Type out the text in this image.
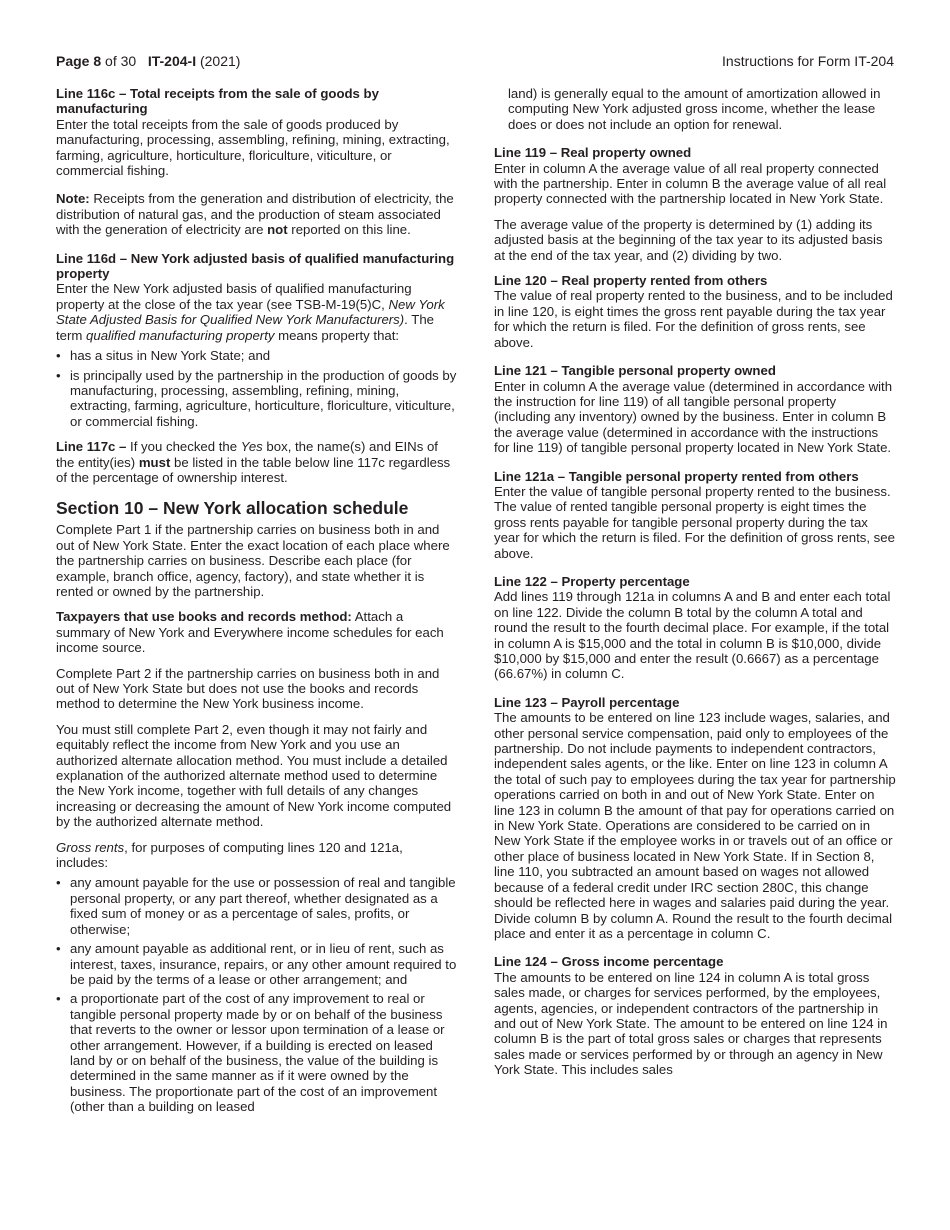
Page 8 of 30 IT-204-I (2021)	Instructions for Form IT-204
Line 116c – Total receipts from the sale of goods by manufacturing
Enter the total receipts from the sale of goods produced by manufacturing, processing, assembling, refining, mining, extracting, farming, agriculture, horticulture, floriculture, viticulture, or commercial fishing.
Note: Receipts from the generation and distribution of electricity, the distribution of natural gas, and the production of steam associated with the generation of electricity are not reported on this line.
Line 116d – New York adjusted basis of qualified manufacturing property
Enter the New York adjusted basis of qualified manufacturing property at the close of the tax year (see TSB-M-19(5)C, New York State Adjusted Basis for Qualified New York Manufacturers). The term qualified manufacturing property means property that:
• has a situs in New York State; and
• is principally used by the partnership in the production of goods by manufacturing, processing, assembling, refining, mining, extracting, farming, agriculture, horticulture, floriculture, viticulture, or commercial fishing.
Line 117c – If you checked the Yes box, the name(s) and EINs of the entity(ies) must be listed in the table below line 117c regardless of the percentage of ownership interest.
Section 10 – New York allocation schedule
Complete Part 1 if the partnership carries on business both in and out of New York State. Enter the exact location of each place where the partnership carries on business. Describe each place (for example, branch office, agency, factory), and state whether it is rented or owned by the partnership.
Taxpayers that use books and records method: Attach a summary of New York and Everywhere income schedules for each income source.
Complete Part 2 if the partnership carries on business both in and out of New York State but does not use the books and records method to determine the New York business income.
You must still complete Part 2, even though it may not fairly and equitably reflect the income from New York and you use an authorized alternate allocation method. You must include a detailed explanation of the authorized alternate method used to determine the New York income, together with full details of any changes increasing or decreasing the amount of New York income computed by the authorized alternate method.
Gross rents, for purposes of computing lines 120 and 121a, includes:
• any amount payable for the use or possession of real and tangible personal property, or any part thereof, whether designated as a fixed sum of money or as a percentage of sales, profits, or otherwise;
• any amount payable as additional rent, or in lieu of rent, such as interest, taxes, insurance, repairs, or any other amount required to be paid by the terms of a lease or other arrangement; and
• a proportionate part of the cost of any improvement to real or tangible personal property made by or on behalf of the business that reverts to the owner or lessor upon termination of a lease or other arrangement. However, if a building is erected on leased land by or on behalf of the business, the value of the building is determined in the same manner as if it were owned by the business. The proportionate part of the cost of an improvement (other than a building on leased
land) is generally equal to the amount of amortization allowed in computing New York adjusted gross income, whether the lease does or does not include an option for renewal.
Line 119 – Real property owned
Enter in column A the average value of all real property connected with the partnership. Enter in column B the average value of all real property connected with the partnership located in New York State.
The average value of the property is determined by (1) adding its adjusted basis at the beginning of the tax year to its adjusted basis at the end of the tax year, and (2) dividing by two.
Line 120 – Real property rented from others
The value of real property rented to the business, and to be included in line 120, is eight times the gross rent payable during the tax year for which the return is filed. For the definition of gross rents, see above.
Line 121 – Tangible personal property owned
Enter in column A the average value (determined in accordance with the instruction for line 119) of all tangible personal property (including any inventory) owned by the business. Enter in column B the average value (determined in accordance with the instructions for line 119) of tangible personal property located in New York State.
Line 121a – Tangible personal property rented from others
Enter the value of tangible personal property rented to the business. The value of rented tangible personal property is eight times the gross rents payable for tangible personal property during the tax year for which the return is filed. For the definition of gross rents, see above.
Line 122 – Property percentage
Add lines 119 through 121a in columns A and B and enter each total on line 122. Divide the column B total by the column A total and round the result to the fourth decimal place. For example, if the total in column A is $15,000 and the total in column B is $10,000, divide $10,000 by $15,000 and enter the result (0.6667) as a percentage (66.67%) in column C.
Line 123 – Payroll percentage
The amounts to be entered on line 123 include wages, salaries, and other personal service compensation, paid only to employees of the partnership. Do not include payments to independent contractors, independent sales agents, or the like. Enter on line 123 in column A the total of such pay to employees during the tax year for partnership operations carried on both in and out of New York State. Enter on line 123 in column B the amount of that pay for operations carried on in New York State. Operations are considered to be carried on in New York State if the employee works in or travels out of an office or other place of business located in New York State. If in Section 8, line 110, you subtracted an amount based on wages not allowed because of a federal credit under IRC section 280C, this change should be reflected here in wages and salaries paid during the year. Divide column B by column A. Round the result to the fourth decimal place and enter it as a percentage in column C.
Line 124 – Gross income percentage
The amounts to be entered on line 124 in column A is total gross sales made, or charges for services performed, by the employees, agents, agencies, or independent contractors of the partnership in and out of New York State. The amount to be entered on line 124 in column B is the part of total gross sales or charges that represents sales made or services performed by or through an agency in New York State. This includes sales
